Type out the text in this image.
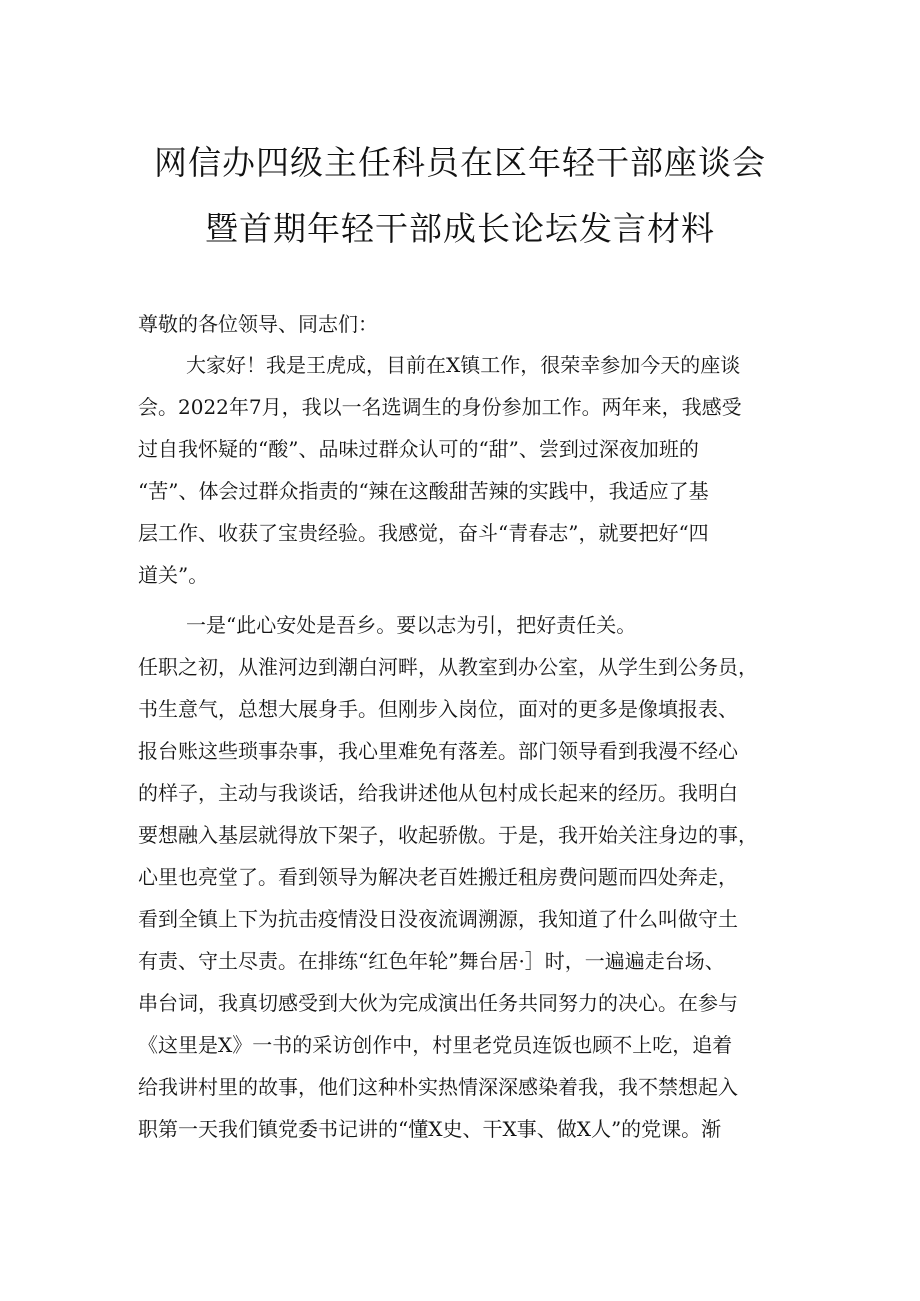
网信办四级主任科员在区年轻干部座谈会
暨首期年轻干部成长论坛发言材料
尊敬的各位领导、同志们：
大家好！我是王虎成，目前在X镇工作，很荣幸参加今天的座谈
会。2022年7月，我以一名选调生的身份参加工作。两年来，我感受
过自我怀疑的“酸”、品味过群众认可的“甜”、尝到过深夜加班的
“苦”、体会过群众指责的“辣在这酸甜苦辣的实践中，我适应了基
层工作、收获了宝贵经验。我感觉，奋斗“青春志”，就要把好“四
道关”。
一是“此心安处是吾乡。要以志为引，把好责任关。
任职之初，从淮河边到潮白河畔，从教室到办公室，从学生到公务员，
书生意气，总想大展身手。但刚步入岗位，面对的更多是像填报表、
报台账这些琐事杂事，我心里难免有落差。部门领导看到我漫不经心
的样子，主动与我谈话，给我讲述他从包村成长起来的经历。我明白
要想融入基层就得放下架子，收起骄傲。于是，我开始关注身边的事，
心里也亮堂了。看到领导为解决老百姓搬迁租房费问题而四处奔走，
看到全镇上下为抗击疫情没日没夜流调溯源，我知道了什么叫做守土
有责、守土尽责。在排练“红色年轮”舞台居·］时，一遍遍走台场、
串台词，我真切感受到大伙为完成演出任务共同努力的决心。在参与
《这里是X》一书的采访创作中，村里老党员连饭也顾不上吃，追着
给我讲村里的故事，他们这种朴实热情深深感染着我，我不禁想起入
职第一天我们镇党委书记讲的“懂X史、干X事、做X人”的党课。渐
